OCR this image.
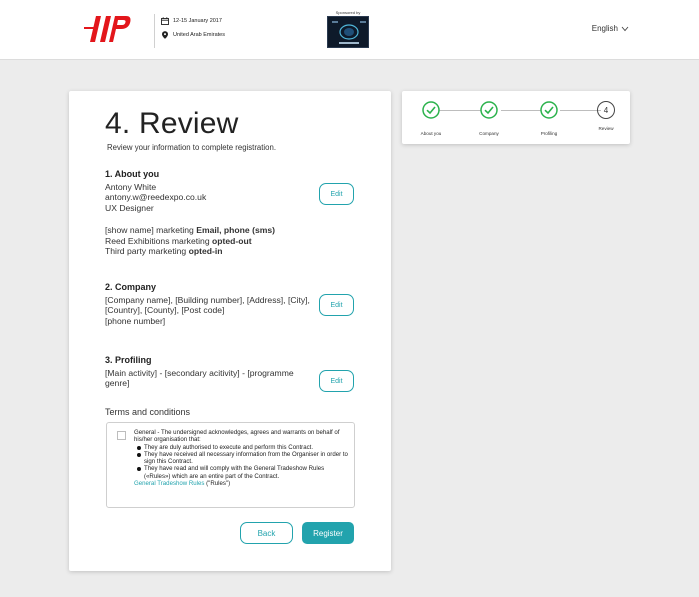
12-15 January 2017
United Arab Emirates
Sponsored by
English
4. Review
Review your information to complete registration.
1. About you
Antony White
antony.w@reedexpo.co.uk
UX Designer
[show name] marketing Email, phone (sms)
Reed Exhibitions marketing opted-out
Third party marketing opted-in
Edit
2. Company
[Company name], [Building number], [Address], [City], [Country], [County], [Post code]
[phone number]
Edit
3. Profiling
[Main activity] - [secondary acitivity] - [programme genre]	Edit
Terms and conditions
General - The undersigned acknowledges, agrees and warrants on behalf of his/her organisation that:
They are duly authorised to execute and perform this Contract.
They have received all necessary information from the Organiser in order to sign this Contract.
They have read and will comply with the General Tradeshow Rules («Rules») which are an entire part of the Contract.
General Tradeshow Rules ("Rules")
Back	Register
About you	Company	Profiling
4
Review
